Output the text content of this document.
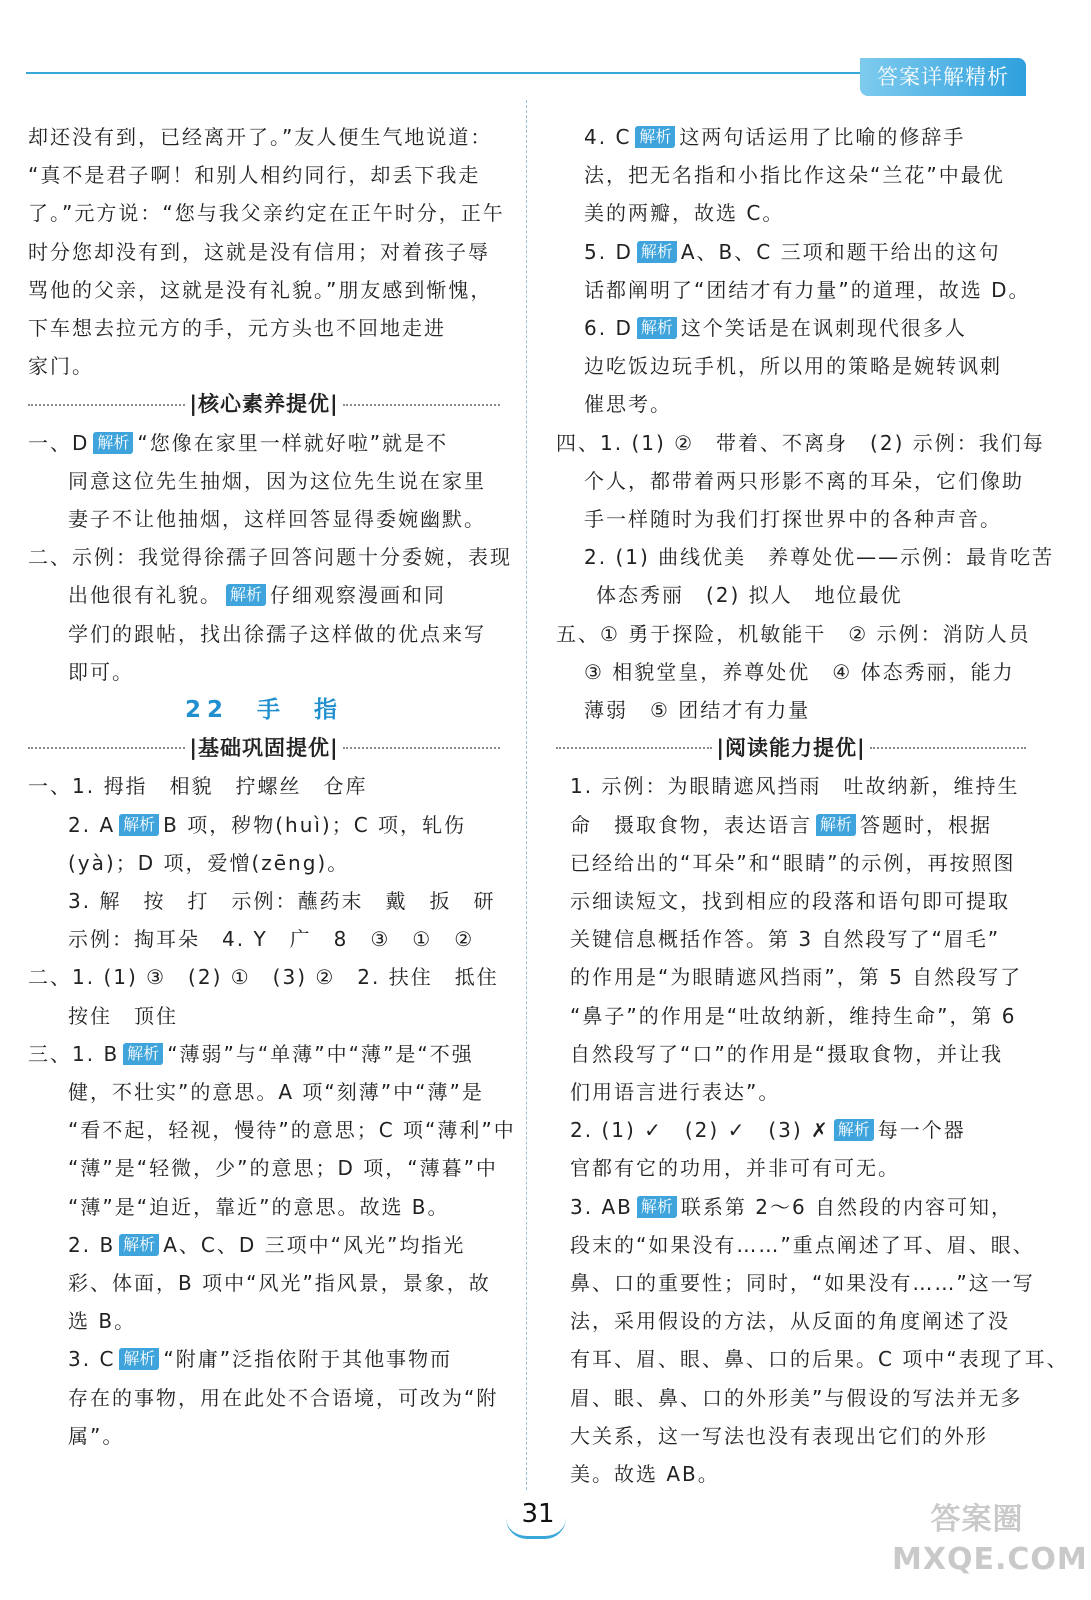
答案详解精析
却还没有到，已经离开了。”友人便生气地说道：
“真不是君子啊！和别人相约同行，却丢下我走
了。”元方说：“您与我父亲约定在正午时分，正午
时分您却没有到，这就是没有信用；对着孩子辱
骂他的父亲，这就是没有礼貌。”朋友感到惭愧，
下车想去拉元方的手，元方头也不回地走进
家门。
|核心素养提优|
一、D 解析 “您像在家里一样就好啦”就是不
同意这位先生抽烟，因为这位先生说在家里
妻子不让他抽烟，这样回答显得委婉幽默。
二、示例：我觉得徐孺子回答问题十分委婉，表现
出他很有礼貌。 解析 仔细观察漫画和同
学们的跟帖，找出徐孺子这样做的优点来写
即可。
22 手 指
|基础巩固提优|
一、1. 拇指　相貌　拧螺丝　仓库
2. A 解析 B 项，秽物(huì)；C 项，轧伤
(yà)；D 项，爱憎(zēng)。
3. 解　按　打　示例：蘸药末　戴　扳　研
示例：掏耳朵　4. Y　广　8　③　①　②
二、1. (1) ③　(2) ①　(3) ②　2. 扶住　抵住
按住　顶住
三、1. B 解析 “薄弱”与“单薄”中“薄”是“不强
健，不壮实”的意思。A 项“刻薄”中“薄”是
“看不起，轻视，慢待”的意思；C 项“薄利”中
“薄”是“轻微，少”的意思；D 项，“薄暮”中
“薄”是“迫近，靠近”的意思。故选 B。
2. B 解析 A、C、D 三项中“风光”均指光
彩、体面，B 项中“风光”指风景，景象，故
选 B。
3. C 解析 “附庸”泛指依附于其他事物而
存在的事物，用在此处不合语境，可改为“附
属”。
4. C 解析 这两句话运用了比喻的修辞手
法，把无名指和小指比作这朵“兰花”中最优
美的两瓣，故选 C。
5. D 解析 A、B、C 三项和题干给出的这句
话都阐明了“团结才有力量”的道理，故选 D。
6. D 解析 这个笑话是在讽刺现代很多人
边吃饭边玩手机，所以用的策略是婉转讽刺
催思考。
四、1. (1) ②　带着、不离身　(2) 示例：我们每
个人，都带着两只形影不离的耳朵，它们像助
手一样随时为我们打探世界中的各种声音。
2. (1) 曲线优美　养尊处优——示例：最肯吃苦
体态秀丽　(2) 拟人　地位最优
五、① 勇于探险，机敏能干　② 示例：消防人员
③ 相貌堂皇，养尊处优　④ 体态秀丽，能力
薄弱　⑤ 团结才有力量
|阅读能力提优|
1. 示例：为眼睛遮风挡雨　吐故纳新，维持生
命　摄取食物，表达语言 解析 答题时，根据
已经给出的“耳朵”和“眼睛”的示例，再按照图
示细读短文，找到相应的段落和语句即可提取
关键信息概括作答。第 3 自然段写了“眉毛”
的作用是“为眼睛遮风挡雨”，第 5 自然段写了
“鼻子”的作用是“吐故纳新，维持生命”，第 6
自然段写了“口”的作用是“摄取食物，并让我
们用语言进行表达”。
2. (1) ✓　(2) ✓　(3) ✗ 解析 每一个器
官都有它的功用，并非可有可无。
3. AB 解析 联系第 2～6 自然段的内容可知，
段末的“如果没有……”重点阐述了耳、眉、眼、
鼻、口的重要性；同时，“如果没有……”这一写
法，采用假设的方法，从反面的角度阐述了没
有耳、眉、眼、鼻、口的后果。C 项中“表现了耳、
眉、眼、鼻、口的外形美”与假设的写法并无多
大关系，这一写法也没有表现出它们的外形
美。故选 AB。
31	答案圈
MXQE.COM
